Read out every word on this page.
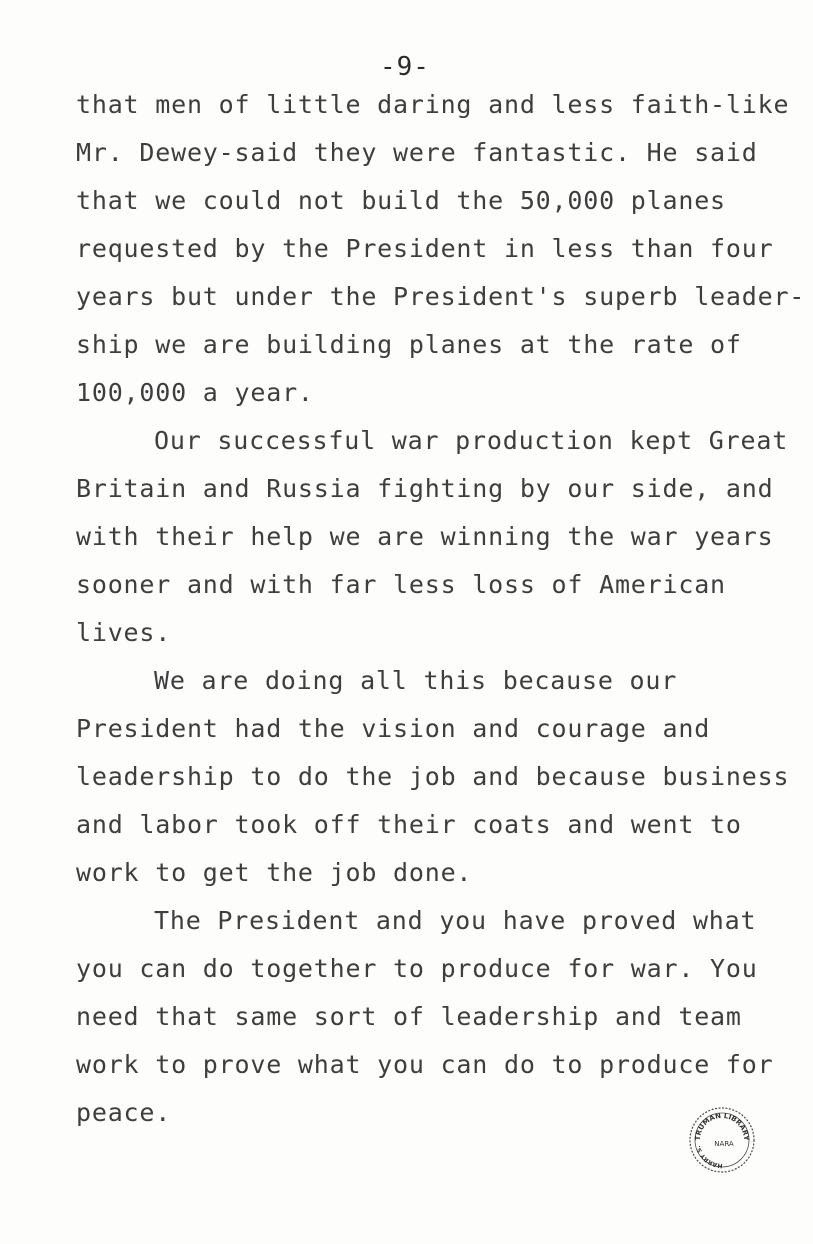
-9-
that men of little daring and less faith-like
Mr. Dewey-said they were fantastic. He said
that we could not build the 50,000 planes
requested by the President in less than four
years but under the President's superb leader-
ship we are building planes at the rate of
100,000 a year.
Our successful war production kept Great
Britain and Russia fighting by our side, and
with their help we are winning the war years
sooner and with far less loss of American
lives.
We are doing all this because our
President had the vision and courage and
leadership to do the job and because business
and labor took off their coats and went to
work to get the job done.
The President and you have proved what
you can do together to produce for war. You
need that same sort of leadership and team
work to prove what you can do to produce for
peace.
TRUMAN LIBRARY
HARRY S.	NARA
